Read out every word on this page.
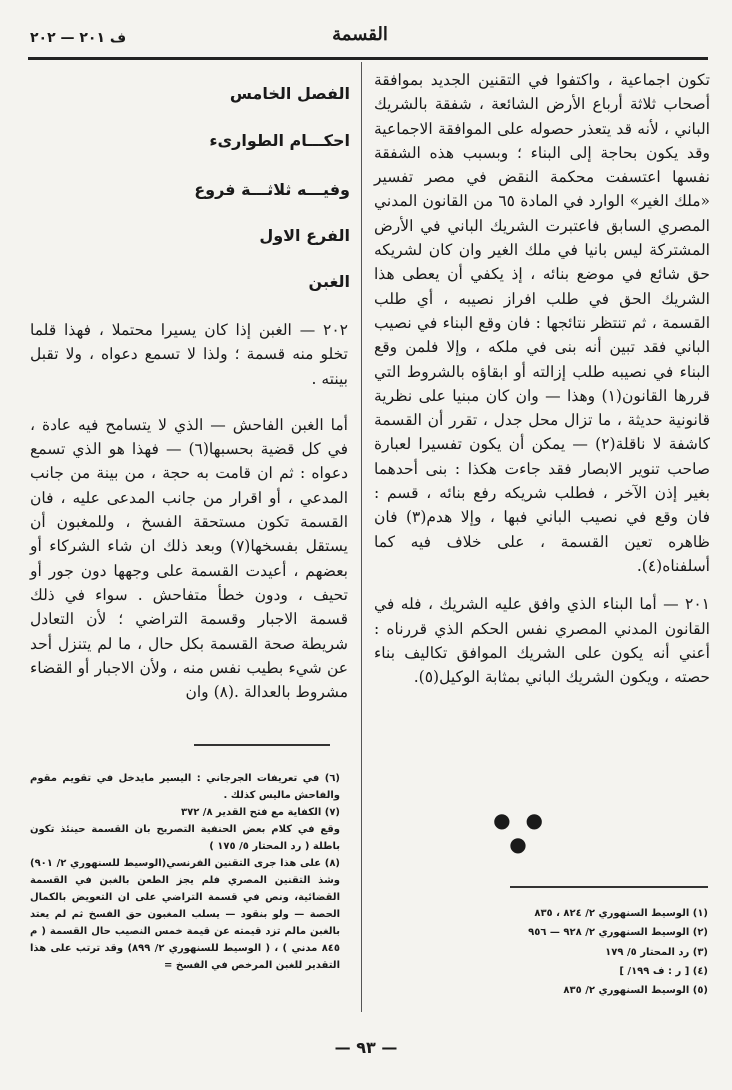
ف ٢٠١ — ٢٠٢	القسمة

تكون اجماعية ، واكتفوا في التقنين الجديد بموافقة أصحاب ثلاثة أرباع الأرض الشائعة ، شفقة بالشريك الباني ، لأنه قد يتعذر حصوله على الموافقة الاجماعية وقد يكون بحاجة إلى البناء ؛ وبسبب هذه الشفقة نفسها اعتسفت محكمة النقض في مصر تفسير «ملك الغير» الوارد في المادة ٦٥ من القانون المدني المصري السابق فاعتبرت الشريك الباني في الأرض المشتركة ليس بانيا في ملك الغير وان كان لشريكه حق شائع في موضع بنائه ، إذ يكفي أن يعطى هذا الشريك الحق في طلب افراز نصيبه ، أي طلب القسمة ، ثم تنتظر نتائجها : فان وقع البناء في نصيب الباني فقد تبين أنه بنى في ملكه ، وإلا فلمن وقع البناء في نصيبه طلب إزالته أو ابقاؤه بالشروط التي قررها القانون(١) وهذا — وان كان مبنيا على نظرية قانونية حديثة ، ما تزال محل جدل ، تقرر أن القسمة كاشفة لا ناقلة(٢) — يمكن أن يكون تفسيرا لعبارة صاحب تنوير الابصار فقد جاءت هكذا : بنى أحدهما بغير إذن الآخر ، فطلب شريكه رفع بنائه ، قسم : فان وقع في نصيب الباني فبها ، وإلا هدم(٣) فان ظاهره تعين القسمة ، على خلاف فيه كما أسلفناه(٤).

٢٠١ — أما البناء الذي وافق عليه الشريك ، فله في القانون المدني المصري نفس الحكم الذي قررناه : أعني أنه يكون على الشريك الموافق تكاليف بناء حصته ، ويكون الشريك الباني بمثابة الوكيل(٥).

● ● ●
(١) الوسيط السنهوري ٢/ ٨٢٤ ، ٨٣٥
(٢) الوسيط السنهوري ٢/ ٩٢٨ — ٩٥٦
(٣) رد المحتار ٥/ ١٧٩
(٤) [ ر : ف ١٩٩/ ]
(٥) الوسيط السنهوري ٢/ ٨٣٥
الفصل الخامس
احكـــام الطوارىء
وفيـــه ثلاثـــة فروع
الفرع الاول
الغبن

٢٠٢ — الغبن إذا كان يسيرا محتملا ، فهذا قلما تخلو منه قسمة ؛ ولذا لا تسمع دعواه ، ولا تقبل بينته .

أما الغبن الفاحش — الذي لا يتسامح فيه عادة ، في كل قضية بحسبها(٦) — فهذا هو الذي تسمع دعواه : ثم ان قامت به حجة ، من بينة من جانب المدعي ، أو اقرار من جانب المدعى عليه ، فان القسمة تكون مستحقة الفسخ ، وللمغبون أن يستقل بفسخها(٧) وبعد ذلك ان شاء الشركاء أو بعضهم ، أعيدت القسمة على وجهها دون جور أو تحيف ، ودون خطأ متفاحش . سواء في ذلك قسمة الاجبار وقسمة التراضي ؛ لأن التعادل شريطة صحة القسمة بكل حال ، ما لم يتنزل أحد عن شيء بطيب نفس منه ، ولأن الاجبار أو القضاء مشروط بالعدالة .(٨) وان

(٦) في تعريفات الجرجاني : اليسير مايدخل في تقويم مقوم والفاحش ماليس كذلك .

(٧) الكفاية مع فتح القدير ٨/ ٣٧٢

وقع في كلام بعض الحنفية التصريح بان القسمة حينئذ تكون باطلة ( رد المحتار ٥/ ١٧٥ )

(٨) على هذا جرى التقنين الفرنسي(الوسيط للسنهوري ٢/ ٩٠١) وشذ التقنين المصري فلم يجز الطعن بالغبن في القسمة القضائية، ونص في قسمة التراضي على ان التعويض بالكمال الحصة — ولو بنقود — يسلب المغبون حق الفسخ ثم لم يعتد بالغبن مالم تزد قيمته عن قيمة خمس النصيب حال القسمة ( م ٨٤٥ مدني ) ، ( الوسيط للسنهوري ٢/ ٨٩٩) وقد ترتب على هذا التقدير للغبن المرخص في الفسخ =

— ٩٣ —
